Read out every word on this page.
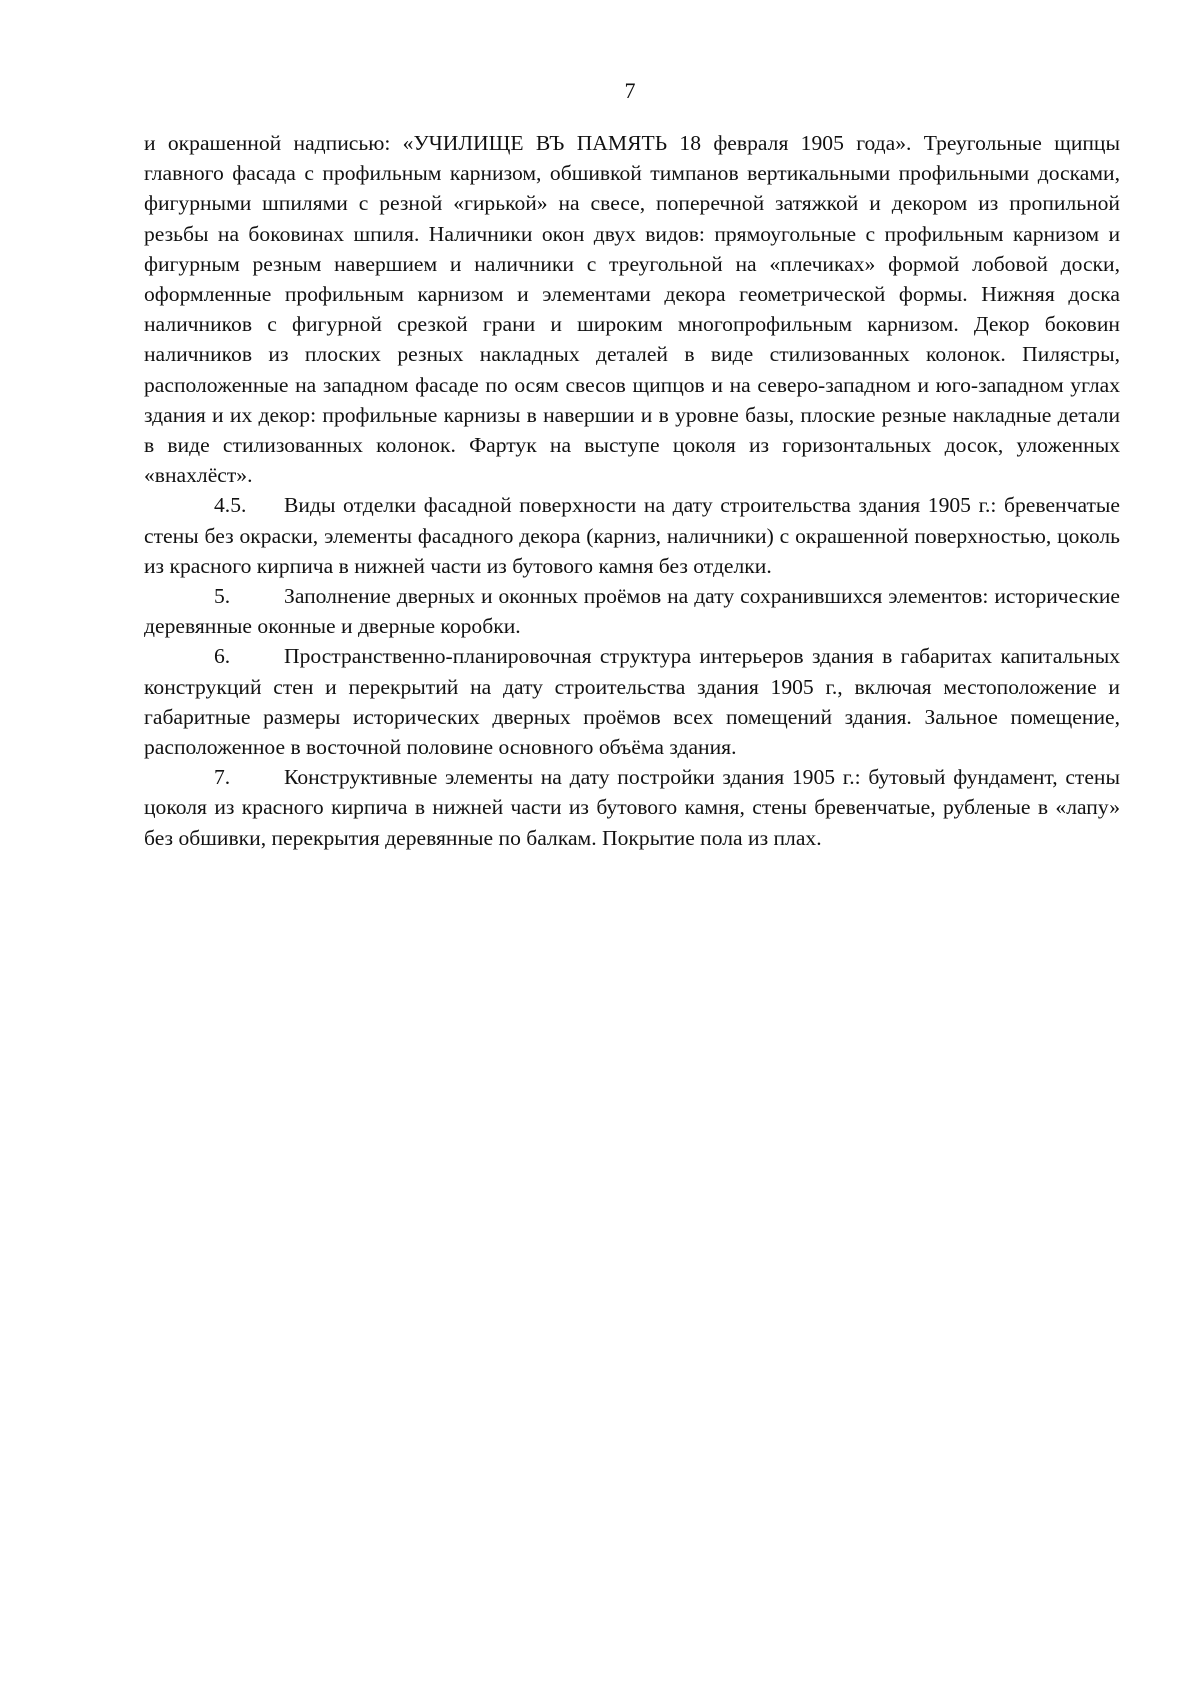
7

и окрашенной надписью: «УЧИЛИЩЕ ВЪ ПАМЯТЬ 18 февраля 1905 года». Треугольные щипцы главного фасада с профильным карнизом, обшивкой тимпанов вертикальными профильными досками, фигурными шпилями с резной «гирькой» на свесе, поперечной затяжкой и декором из пропильной резьбы на боковинах шпиля. Наличники окон двух видов: прямоугольные с профильным карнизом и фигурным резным навершием и наличники с треугольной на «плечиках» формой лобовой доски, оформленные профильным карнизом и элементами декора геометрической формы. Нижняя доска наличников с фигурной срезкой грани и широким многопрофильным карнизом. Декор боковин наличников из плоских резных накладных деталей в виде стилизованных колонок. Пилястры, расположенные на западном фасаде по осям свесов щипцов и на северо-западном и юго-западном углах здания и их декор: профильные карнизы в навершии и в уровне базы, плоские резные накладные детали в виде стилизованных колонок. Фартук на выступе цоколя из горизонтальных досок, уложенных «внахлёст».

4.5. Виды отделки фасадной поверхности на дату строительства здания 1905 г.: бревенчатые стены без окраски, элементы фасадного декора (карниз, наличники) с окрашенной поверхностью, цоколь из красного кирпича в нижней части из бутового камня без отделки.

5. Заполнение дверных и оконных проёмов на дату сохранившихся элементов: исторические деревянные оконные и дверные коробки.

6. Пространственно-планировочная структура интерьеров здания в габаритах капитальных конструкций стен и перекрытий на дату строительства здания 1905 г., включая местоположение и габаритные размеры исторических дверных проёмов всех помещений здания. Зальное помещение, расположенное в восточной половине основного объёма здания.

7. Конструктивные элементы на дату постройки здания 1905 г.: бутовый фундамент, стены цоколя из красного кирпича в нижней части из бутового камня, стены бревенчатые, рубленые в «лапу» без обшивки, перекрытия деревянные по балкам. Покрытие пола из плах.
